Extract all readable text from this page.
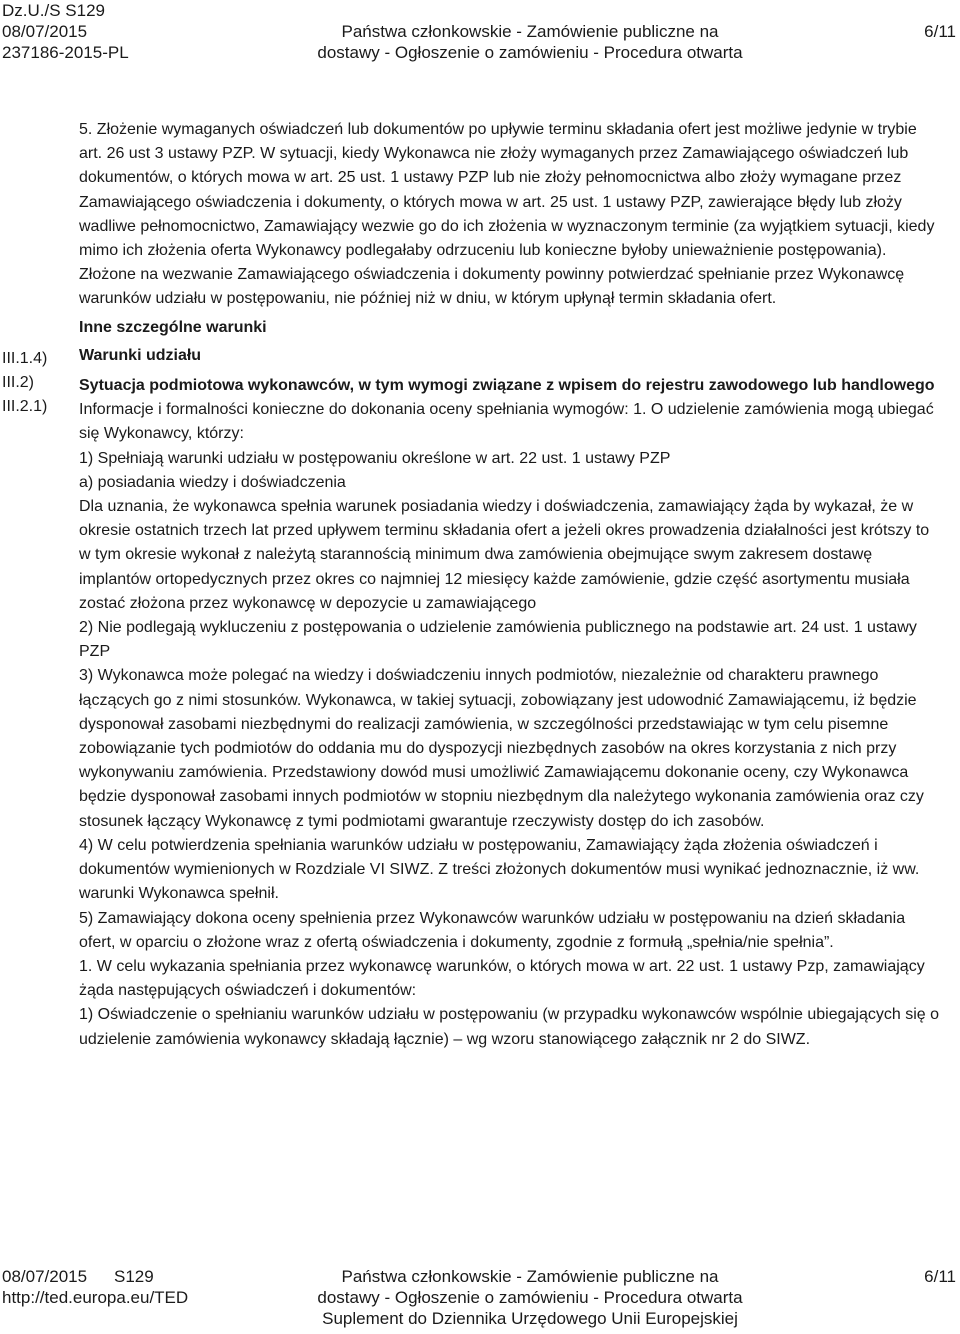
Dz.U./S S129
08/07/2015
237186-2015-PL
Państwa członkowskie - Zamówienie publiczne na
dostawy - Ogłoszenie o zamówieniu - Procedura otwarta
6/11
III.1.4)
III.2)
III.2.1)

5. Złożenie wymaganych oświadczeń lub dokumentów po upływie terminu składania ofert jest możliwe jedynie w trybie art. 26 ust 3 ustawy PZP. W sytuacji, kiedy Wykonawca nie złoży wymaganych przez Zamawiającego oświadczeń lub dokumentów, o których mowa w art. 25 ust. 1 ustawy PZP lub nie złoży pełnomocnictwa albo złoży wymagane przez Zamawiającego oświadczenia i dokumenty, o których mowa w art. 25 ust. 1 ustawy PZP, zawierające błędy lub złoży wadliwe pełnomocnictwo, Zamawiający wezwie go do ich złożenia w wyznaczonym terminie (za wyjątkiem sytuacji, kiedy mimo ich złożenia oferta Wykonawcy podlegałaby odrzuceniu lub konieczne byłoby unieważnienie postępowania). Złożone na wezwanie Zamawiającego oświadczenia i dokumenty powinny potwierdzać spełnianie przez Wykonawcę warunków udziału w postępowaniu, nie później niż w dniu, w którym upłynął termin składania ofert.

Inne szczególne warunki

Warunki udziału

Sytuacja podmiotowa wykonawców, w tym wymogi związane z wpisem do rejestru zawodowego lub handlowego

Informacje i formalności konieczne do dokonania oceny spełniania wymogów: 1. O udzielenie zamówienia mogą ubiegać się Wykonawcy, którzy:

1) Spełniają warunki udziału w postępowaniu określone w art. 22 ust. 1 ustawy PZP

a) posiadania wiedzy i doświadczenia

Dla uznania, że wykonawca spełnia warunek posiadania wiedzy i doświadczenia, zamawiający żąda by wykazał, że w okresie ostatnich trzech lat przed upływem terminu składania ofert a jeżeli okres prowadzenia działalności jest krótszy to w tym okresie wykonał z należytą starannością minimum dwa zamówienia obejmujące swym zakresem dostawę implantów ortopedycznych przez okres co najmniej 12 miesięcy każde zamówienie, gdzie część asortymentu musiała zostać złożona przez wykonawcę w depozycie u zamawiającego

2) Nie podlegają wykluczeniu z postępowania o udzielenie zamówienia publicznego na podstawie art. 24 ust. 1 ustawy PZP

3) Wykonawca może polegać na wiedzy i doświadczeniu innych podmiotów, niezależnie od charakteru prawnego łączących go z nimi stosunków. Wykonawca, w takiej sytuacji, zobowiązany jest udowodnić Zamawiającemu, iż będzie dysponował zasobami niezbędnymi do realizacji zamówienia, w szczególności przedstawiając w tym celu pisemne zobowiązanie tych podmiotów do oddania mu do dyspozycji niezbędnych zasobów na okres korzystania z nich przy wykonywaniu zamówienia. Przedstawiony dowód musi umożliwić Zamawiającemu dokonanie oceny, czy Wykonawca będzie dysponował zasobami innych podmiotów w stopniu niezbędnym dla należytego wykonania zamówienia oraz czy stosunek łączący Wykonawcę z tymi podmiotami gwarantuje rzeczywisty dostęp do ich zasobów.

4) W celu potwierdzenia spełniania warunków udziału w postępowaniu, Zamawiający żąda złożenia oświadczeń i dokumentów wymienionych w Rozdziale VI SIWZ. Z treści złożonych dokumentów musi wynikać jednoznacznie, iż ww. warunki Wykonawca spełnił.

5) Zamawiający dokona oceny spełnienia przez Wykonawców warunków udziału w postępowaniu na dzień składania ofert, w oparciu o złożone wraz z ofertą oświadczenia i dokumenty, zgodnie z formułą „spełnia/nie spełnia”.

1. W celu wykazania spełniania przez wykonawcę warunków, o których mowa w art. 22 ust. 1 ustawy Pzp, zamawiający żąda następujących oświadczeń i dokumentów:

1) Oświadczenie o spełnianiu warunków udziału w postępowaniu (w przypadku wykonawców wspólnie ubiegających się o udzielenie zamówienia wykonawcy składają łącznie) – wg wzoru stanowiącego załącznik nr 2 do SIWZ.

08/07/2015 S129
http://ted.europa.eu/TED
Państwa członkowskie - Zamówienie publiczne na
dostawy - Ogłoszenie o zamówieniu - Procedura otwarta
Suplement do Dziennika Urzędowego Unii Europejskiej
6/11
